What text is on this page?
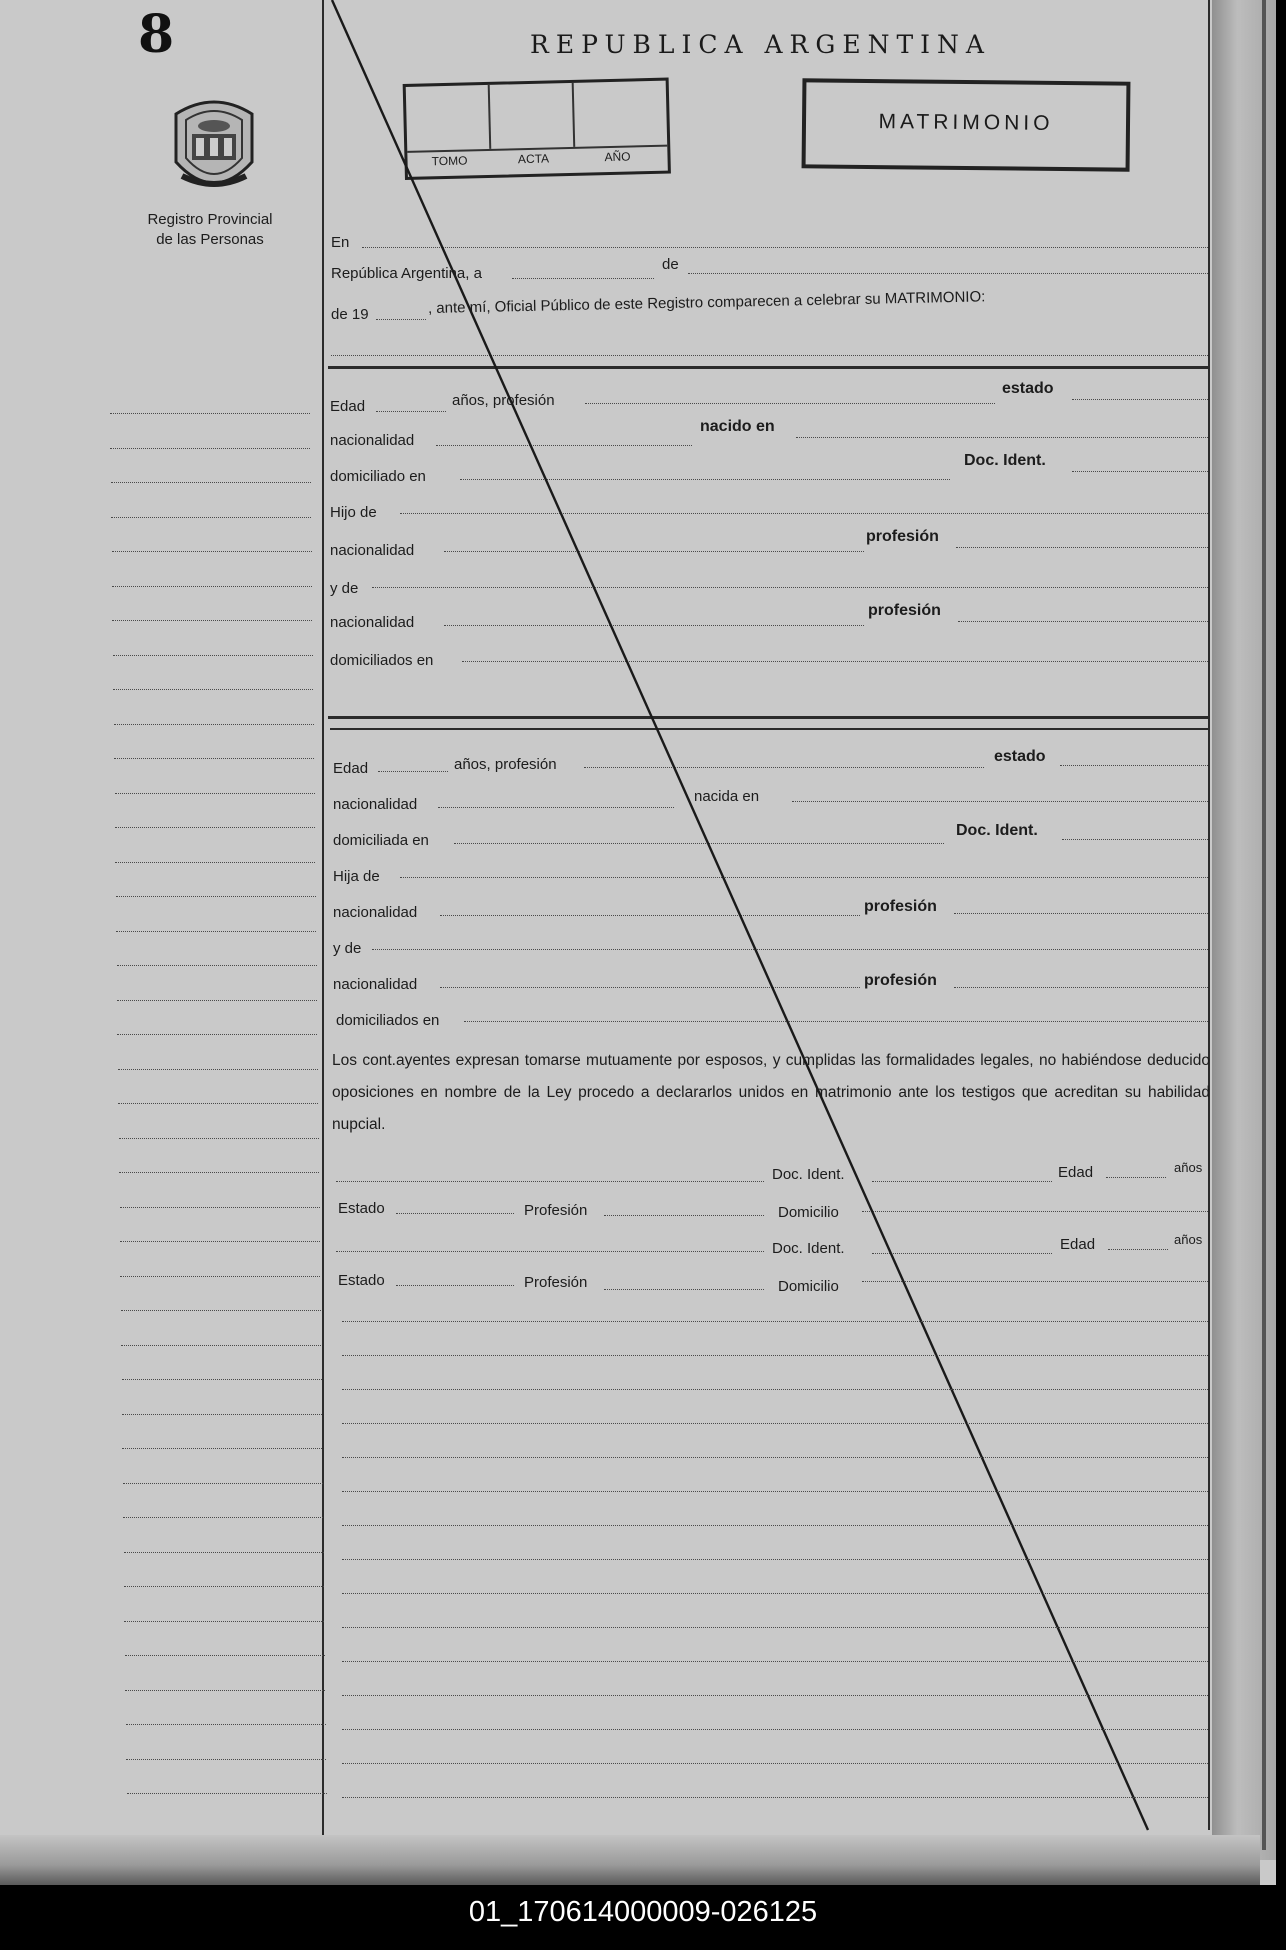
8
Registro Provincial
de las Personas
REPUBLICA ARGENTINA
TOMO	ACTA	AÑO
MATRIMONIO
En
República Argentina, a
de
de 19	, ante mí, Oficial Público de este Registro comparecen a celebrar su MATRIMONIO:
Edad	años, profesión
estado
nacionalidad
nacido en
domiciliado en
Doc. Ident.
Hijo de
nacionalidad
profesión
y de
nacionalidad
profesión
domiciliados en
Edad	años, profesión	estado
nacionalidad	nacida en
domiciliada en
Doc. Ident.
Hija de
nacionalidad	profesión
y de
nacionalidad	profesión
domiciliados en
Los cont.ayentes expresan tomarse mutuamente por esposos, y cumplidas las formalidades legales, no habiéndose deducido oposiciones en nombre de la Ley procedo a declararlos unidos en matrimonio ante los testigos que acreditan su habilidad nupcial.
Doc. Ident.	Edad	años
Estado	Profesión	Domicilio
Doc. Ident.	Edad	años
Estado	Profesión	Domicilio
01_170614000009-026125
